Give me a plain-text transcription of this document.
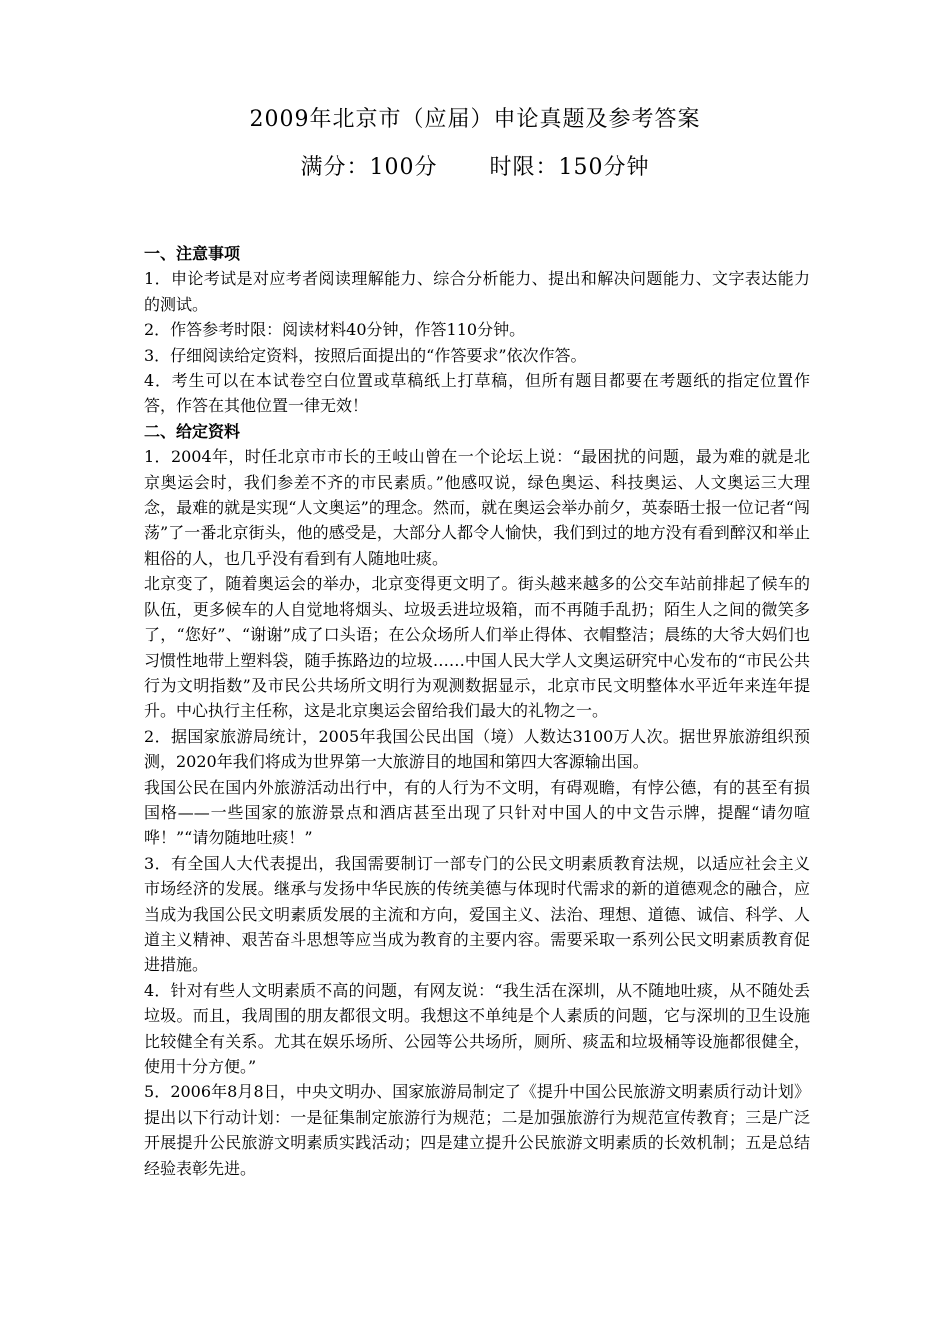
2009年北京市（应届）申论真题及参考答案
满分：100分 时限：150分钟

一、注意事项

1．申论考试是对应考者阅读理解能力、综合分析能力、提出和解决问题能力、文字表达能力的测试。

2．作答参考时限：阅读材料40分钟，作答110分钟。

3．仔细阅读给定资料，按照后面提出的“作答要求”依次作答。

4．考生可以在本试卷空白位置或草稿纸上打草稿，但所有题目都要在考题纸的指定位置作答，作答在其他位置一律无效！

二、给定资料

1．2004年，时任北京市市长的王岐山曾在一个论坛上说：“最困扰的问题，最为难的就是北京奥运会时，我们参差不齐的市民素质。”他感叹说，绿色奥运、科技奥运、人文奥运三大理念，最难的就是实现“人文奥运”的理念。然而，就在奥运会举办前夕，英泰晤士报一位记者“闯荡”了一番北京街头，他的感受是，大部分人都令人愉快，我们到过的地方没有看到醉汉和举止粗俗的人，也几乎没有看到有人随地吐痰。

北京变了，随着奥运会的举办，北京变得更文明了。街头越来越多的公交车站前排起了候车的队伍，更多候车的人自觉地将烟头、垃圾丢进垃圾箱，而不再随手乱扔；陌生人之间的微笑多了，“您好”、“谢谢”成了口头语；在公众场所人们举止得体、衣帽整洁；晨练的大爷大妈们也习惯性地带上塑料袋，随手拣路边的垃圾……中国人民大学人文奥运研究中心发布的“市民公共行为文明指数”及市民公共场所文明行为观测数据显示，北京市民文明整体水平近年来连年提升。中心执行主任称，这是北京奥运会留给我们最大的礼物之一。

2．据国家旅游局统计，2005年我国公民出国（境）人数达3100万人次。据世界旅游组织预测，2020年我们将成为世界第一大旅游目的地国和第四大客源输出国。

我国公民在国内外旅游活动出行中，有的人行为不文明，有碍观瞻，有悖公德，有的甚至有损国格——一些国家的旅游景点和酒店甚至出现了只针对中国人的中文告示牌，提醒“请勿喧哗！”“请勿随地吐痰！”

3．有全国人大代表提出，我国需要制订一部专门的公民文明素质教育法规，以适应社会主义市场经济的发展。继承与发扬中华民族的传统美德与体现时代需求的新的道德观念的融合，应当成为我国公民文明素质发展的主流和方向，爱国主义、法治、理想、道德、诚信、科学、人道主义精神、艰苦奋斗思想等应当成为教育的主要内容。需要采取一系列公民文明素质教育促进措施。

4．针对有些人文明素质不高的问题，有网友说：“我生活在深圳，从不随地吐痰，从不随处丢垃圾。而且，我周围的朋友都很文明。我想这不单纯是个人素质的问题，它与深圳的卫生设施比较健全有关系。尤其在娱乐场所、公园等公共场所，厕所、痰盂和垃圾桶等设施都很健全，使用十分方便。”

5．2006年8月8日，中央文明办、国家旅游局制定了《提升中国公民旅游文明素质行动计划》提出以下行动计划：一是征集制定旅游行为规范；二是加强旅游行为规范宣传教育；三是广泛开展提升公民旅游文明素质实践活动；四是建立提升公民旅游文明素质的长效机制；五是总结经验表彰先进。
